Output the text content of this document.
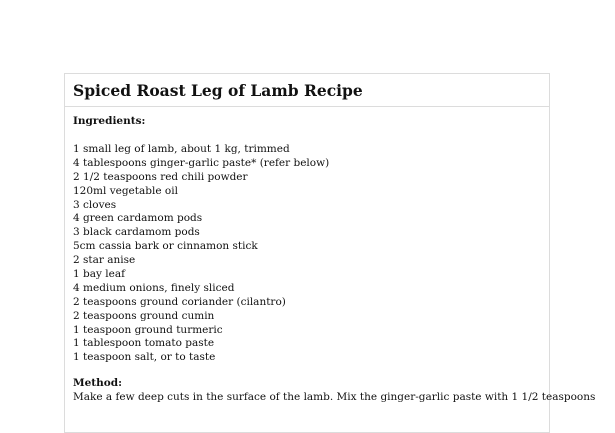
Spiced Roast Leg of Lamb Recipe
Ingredients:
1 small leg of lamb, about 1 kg, trimmed
4 tablespoons ginger-garlic paste* (refer below)
2 1/2 teaspoons red chili powder
120ml vegetable oil
3 cloves
4 green cardamom pods
3 black cardamom pods
5cm cassia bark or cinnamon stick
2 star anise
1 bay leaf
4 medium onions, finely sliced
2 teaspoons ground coriander (cilantro)
2 teaspoons ground cumin
1 teaspoon ground turmeric
1 tablespoon tomato paste
1 teaspoon salt, or to taste
Method:

Make a few deep cuts in the surface of the lamb. Mix the ginger-garlic paste with 1 1/2 teaspoons
